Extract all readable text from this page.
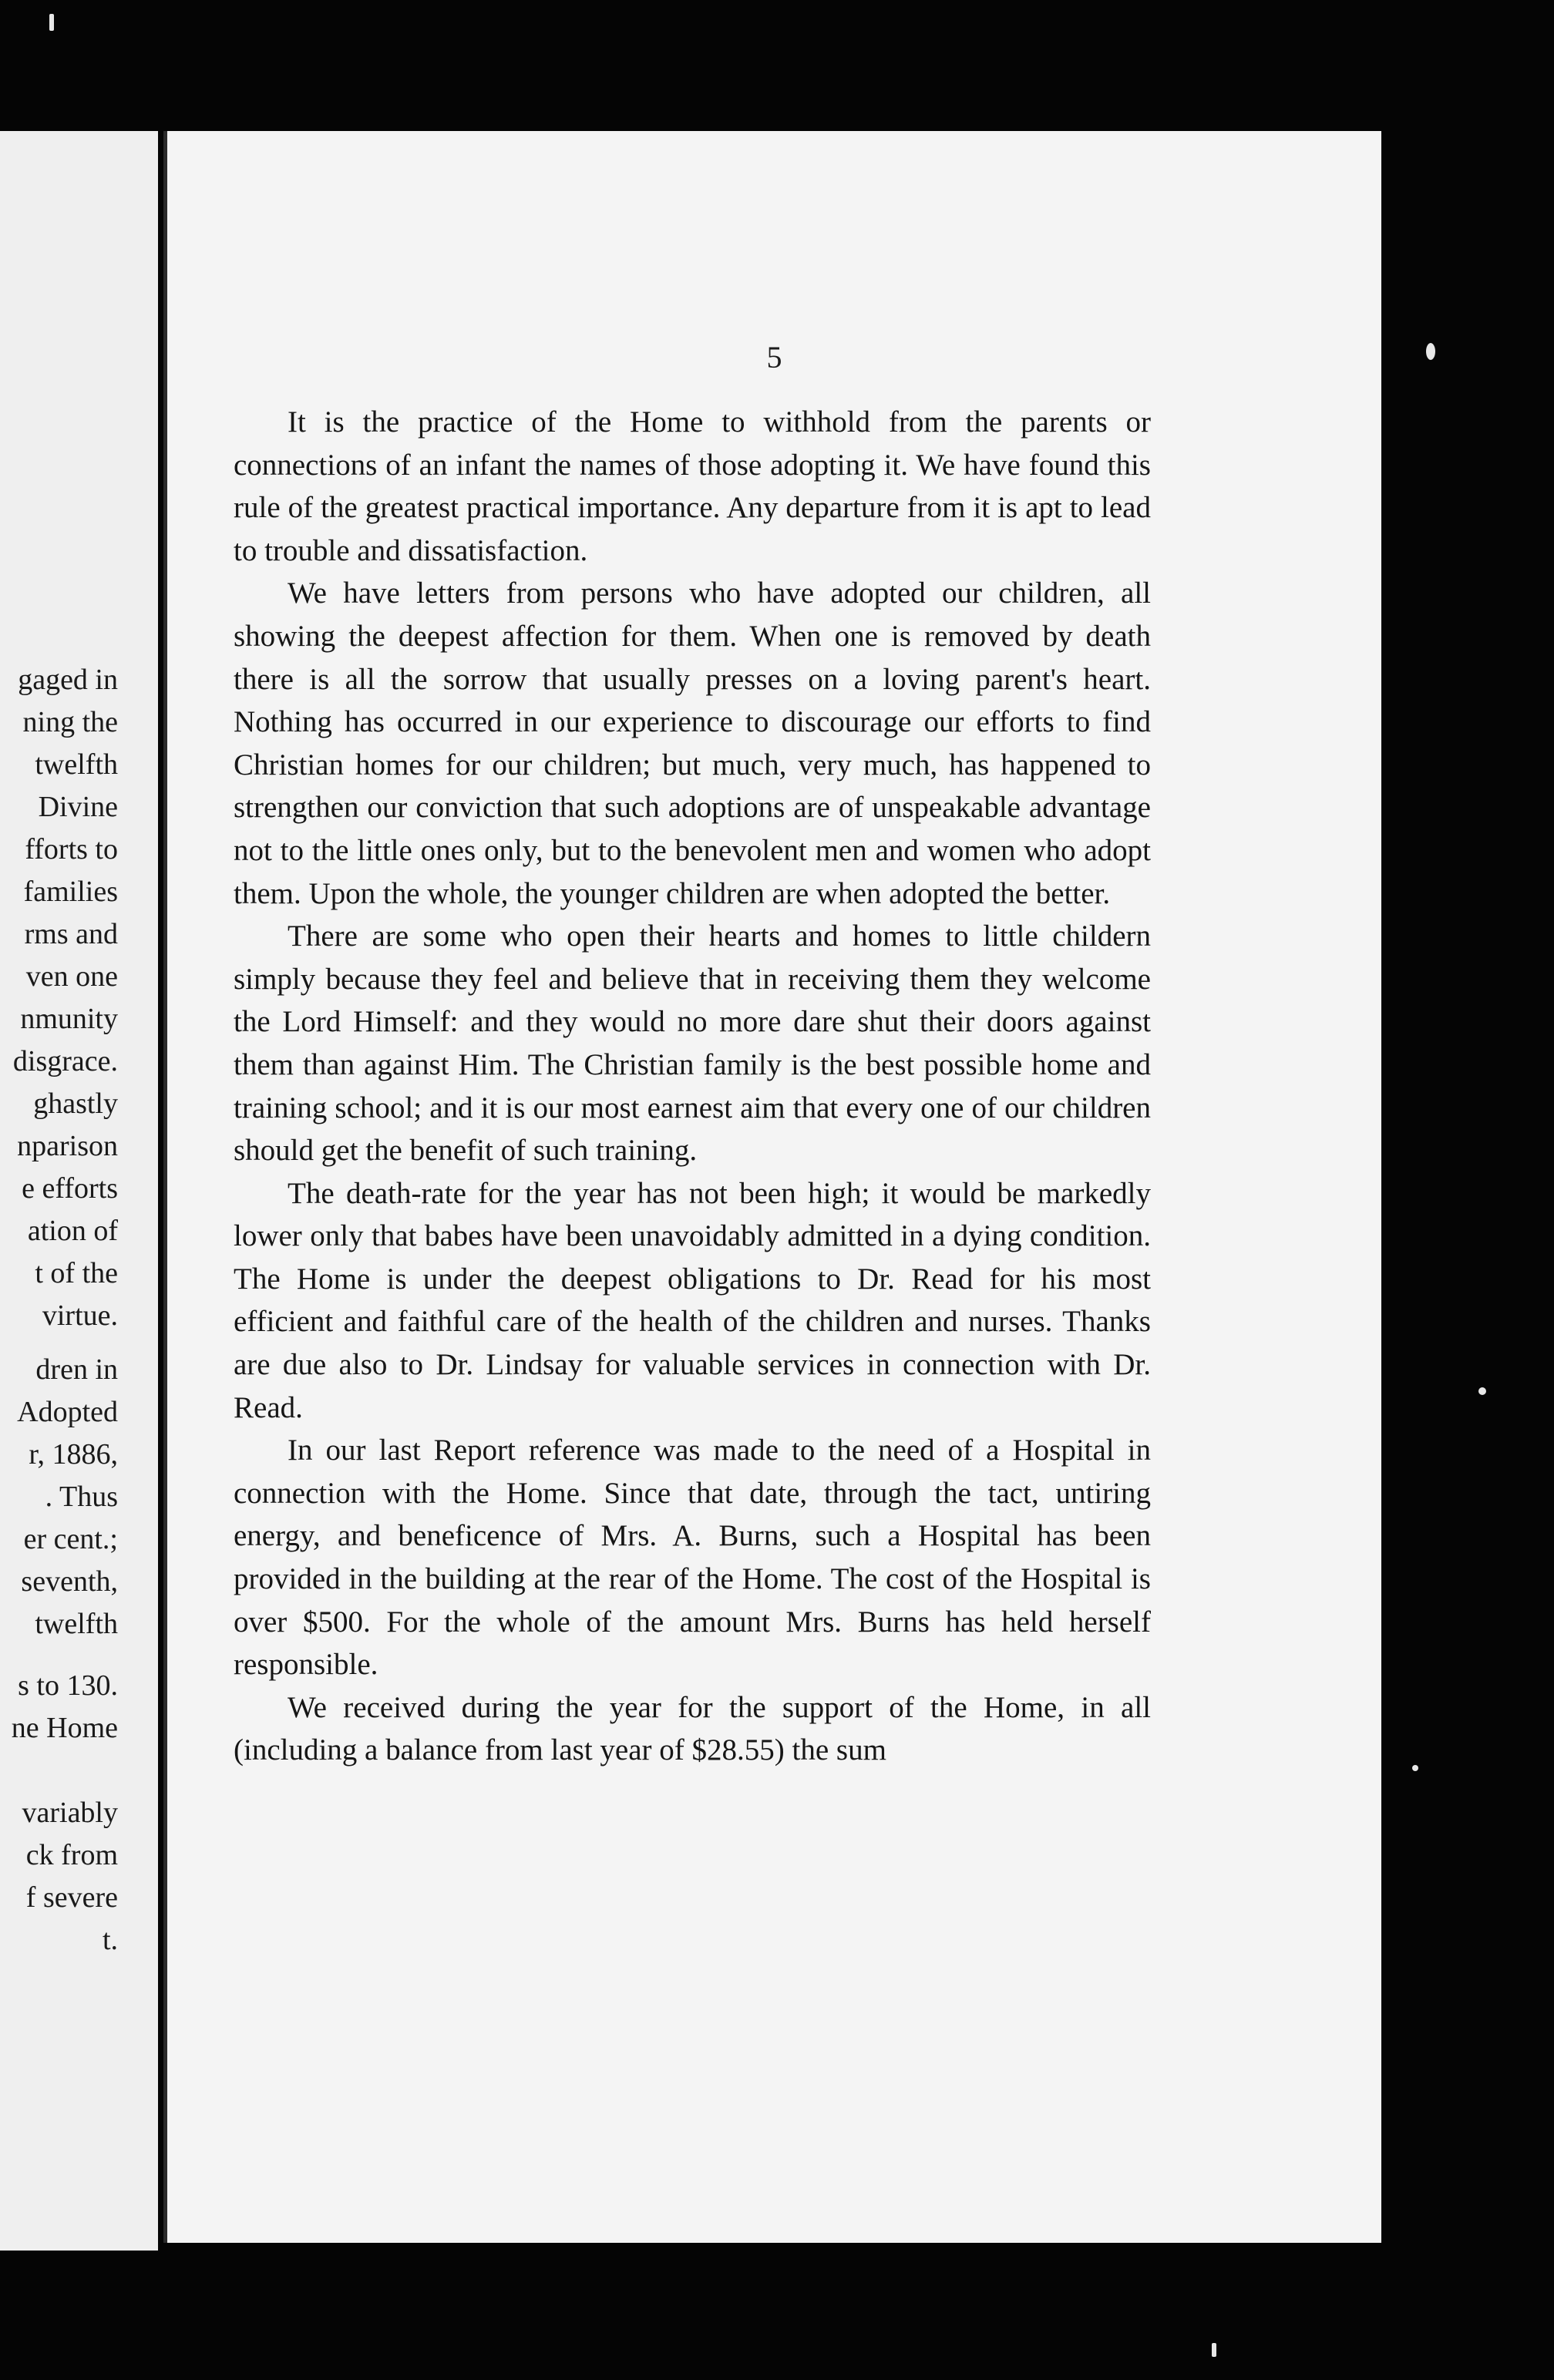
gaged in
ning the
twelfth
Divine
fforts to
families
rms and
ven one
nmunity
disgrace.
ghastly
nparison
e efforts
ation of
t of the
virtue.
dren in
Adopted
r, 1886,
. Thus
er cent.;
seventh,
twelfth
s to 130.
ne Home
variably
ck from
f severe
t.
5

It is the practice of the Home to withhold from the parents or connections of an infant the names of those adopting it. We have found this rule of the greatest practical importance. Any departure from it is apt to lead to trouble and dissatisfaction.

We have letters from persons who have adopted our children, all showing the deepest affection for them. When one is removed by death there is all the sorrow that usually presses on a loving parent's heart. Nothing has occurred in our experience to discourage our efforts to find Christian homes for our children; but much, very much, has happened to strengthen our conviction that such adoptions are of unspeakable advantage not to the little ones only, but to the benevolent men and women who adopt them. Upon the whole, the younger children are when adopted the better.

There are some who open their hearts and homes to little childern simply because they feel and believe that in receiving them they welcome the Lord Himself: and they would no more dare shut their doors against them than against Him. The Christian family is the best possible home and training school; and it is our most earnest aim that every one of our children should get the benefit of such training.

The death-rate for the year has not been high; it would be markedly lower only that babes have been unavoidably admitted in a dying condition. The Home is under the deepest obligations to Dr. Read for his most efficient and faithful care of the health of the children and nurses. Thanks are due also to Dr. Lindsay for valuable services in connection with Dr. Read.

In our last Report reference was made to the need of a Hospital in connection with the Home. Since that date, through the tact, untiring energy, and beneficence of Mrs. A. Burns, such a Hospital has been provided in the building at the rear of the Home. The cost of the Hospital is over $500. For the whole of the amount Mrs. Burns has held herself responsible.

We received during the year for the support of the Home, in all (including a balance from last year of $28.55) the sum
